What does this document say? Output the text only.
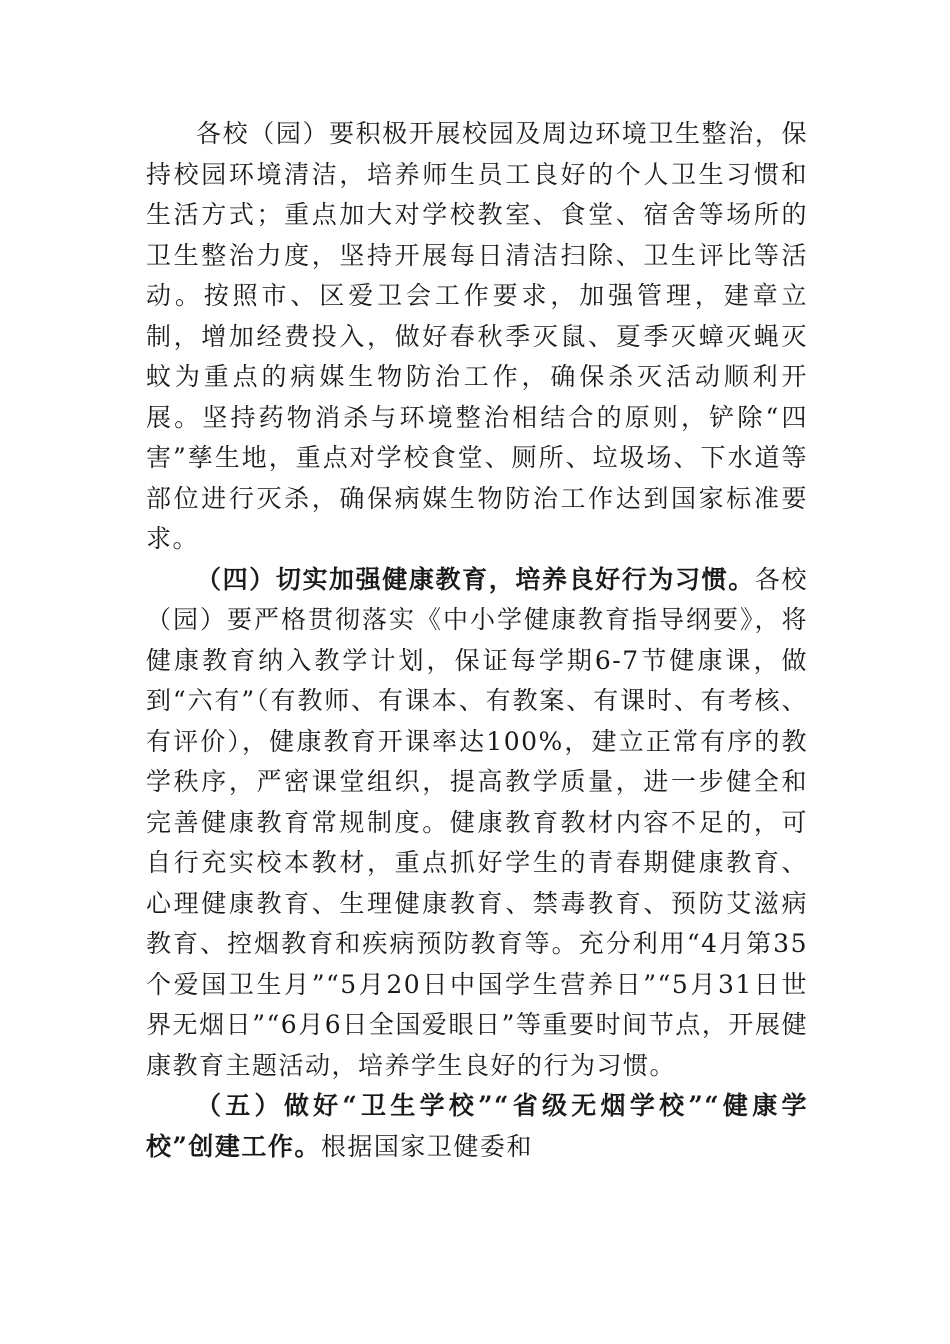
各校（园）要积极开展校园及周边环境卫生整治，保持校园环境清洁，培养师生员工良好的个人卫生习惯和生活方式；重点加大对学校教室、食堂、宿舍等场所的卫生整治力度，坚持开展每日清洁扫除、卫生评比等活动。按照市、区爱卫会工作要求，加强管理，建章立制，增加经费投入，做好春秋季灭鼠、夏季灭蟑灭蝇灭蚊为重点的病媒生物防治工作，确保杀灭活动顺利开展。坚持药物消杀与环境整治相结合的原则，铲除“四害”孳生地，重点对学校食堂、厕所、垃圾场、下水道等部位进行灭杀，确保病媒生物防治工作达到国家标准要求。

（四）切实加强健康教育，培养良好行为习惯。各校（园）要严格贯彻落实《中小学健康教育指导纲要》，将健康教育纳入教学计划，保证每学期6-7节健康课，做到“六有”（有教师、有课本、有教案、有课时、有考核、有评价），健康教育开课率达100%，建立正常有序的教学秩序，严密课堂组织，提高教学质量，进一步健全和完善健康教育常规制度。健康教育教材内容不足的，可自行充实校本教材，重点抓好学生的青春期健康教育、心理健康教育、生理健康教育、禁毒教育、预防艾滋病教育、控烟教育和疾病预防教育等。充分利用“4月第35个爱国卫生月”“5月20日中国学生营养日”“5月31日世界无烟日”“6月6日全国爱眼日”等重要时间节点，开展健康教育主题活动，培养学生良好的行为习惯。

（五）做好“卫生学校”“省级无烟学校”“健康学校”创建工作。根据国家卫健委和
